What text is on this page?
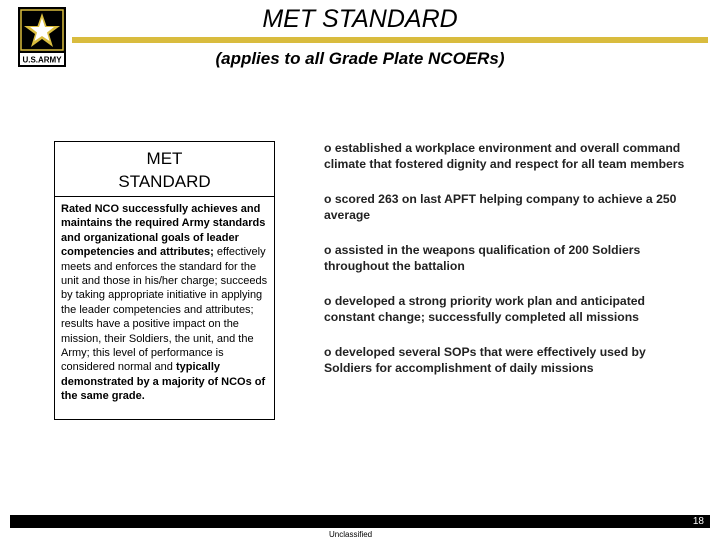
U.S.ARMY
MET STANDARD
(applies to all Grade Plate NCOERs)
MET
STANDARD
Rated NCO successfully achieves and maintains the required Army standards and organizational goals of leader competencies and attributes; effectively meets and enforces the standard for the unit and those in his/her charge; succeeds by taking appropriate initiative in applying the leader competencies and attributes; results have a positive impact on the mission, their Soldiers, the unit, and the Army; this level of performance is considered normal and typically demonstrated by a majority of NCOs of the same grade.
o established a workplace environment and overall command
climate that fostered dignity and respect for all team members
o scored 263 on last APFT helping company to achieve a 250
average
o assisted in the weapons qualification of 200 Soldiers
throughout the battalion
o developed a strong priority work plan and anticipated
constant change; successfully completed all missions
o developed several SOPs that were effectively used by
Soldiers for accomplishment of daily missions
18
Unclassified
